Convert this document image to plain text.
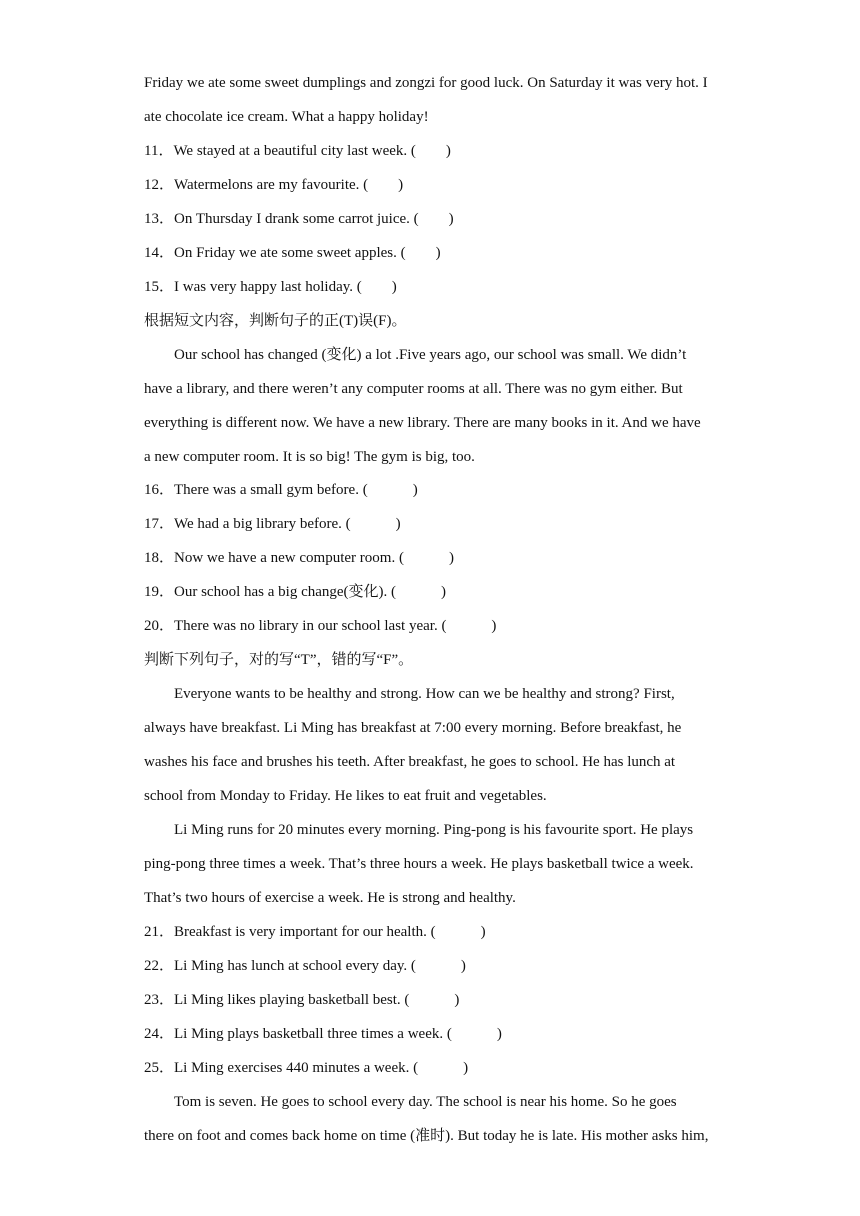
Friday we ate some sweet dumplings and zongzi for good luck. On Saturday it was very hot. I
ate chocolate ice cream. What a happy holiday!
11．We stayed at a beautiful city last week. (  )
12．Watermelons are my favourite. (  )
13．On Thursday I drank some carrot juice. (  )
14．On Friday we ate some sweet apples. (  )
15．I was very happy last holiday. (  )
根据短文内容，判断句子的正(T)误(F)。
Our school has changed (变化) a lot .Five years ago, our school was small. We didn’t
have a library, and there weren’t any computer rooms at all. There was no gym either. But
everything is different now. We have a new library. There are many books in it. And we have
a new computer room. It is so big! The gym is big, too.
16．There was a small gym before. (   )
17．We had a big library before. (   )
18．Now we have a new computer room. (   )
19．Our school has a big change(变化). (   )
20．There was no library in our school last year. (   )
判断下列句子，对的写“T”，错的写“F”。
Everyone wants to be healthy and strong. How can we be healthy and strong? First,
always have breakfast. Li Ming has breakfast at 7:00 every morning. Before breakfast, he
washes his face and brushes his teeth. After breakfast, he goes to school. He has lunch at
school from Monday to Friday. He likes to eat fruit and vegetables.
Li Ming runs for 20 minutes every morning. Ping-pong is his favourite sport. He plays
ping-pong three times a week. That’s three hours a week. He plays basketball twice a week.
That’s two hours of exercise a week. He is strong and healthy.
21．Breakfast is very important for our health. (   )
22．Li Ming has lunch at school every day. (   )
23．Li Ming likes playing basketball best. (   )
24．Li Ming plays basketball three times a week. (   )
25．Li Ming exercises 440 minutes a week. (   )
Tom is seven. He goes to school every day. The school is near his home. So he goes
there on foot and comes back home on time (准时). But today he is late. His mother asks him,
